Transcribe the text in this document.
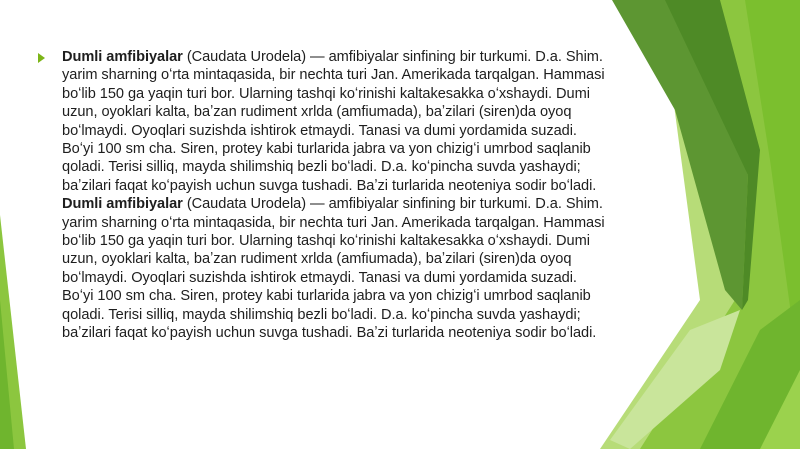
Dumli amfibiyalar (Caudata Urodela) — amfibiyalar sinfining bir turkumi. D.a. Shim. yarim sharning oʻrta mintaqasida, bir nechta turi Jan. Amerikada tarqalgan. Hammasi boʻlib 150 ga yaqin turi bor. Ularning tashqi koʻrinishi kaltakesakka oʻxshaydi. Dumi uzun, oyoklari kalta, baʼzan rudiment xrlda (amfiumada), baʼzilari (siren)da oyoq boʻlmaydi. Oyoqlari suzishda ishtirok etmaydi. Tanasi va dumi yordamida suzadi. Boʻyi 100 sm cha. Siren, protey kabi turlarida jabra va yon chizigʻi umrbod saqlanib qoladi. Terisi silliq, mayda shilimshiq bezli boʻladi. D.a. koʻpincha suvda yashaydi; baʼzilari faqat koʻpayish uchun suvga tushadi. Baʼzi turlarida neoteniya sodir boʻladi. Dumli amfibiyalar (Caudata Urodela) — amfibiyalar sinfining bir turkumi. D.a. Shim. yarim sharning oʻrta mintaqasida, bir nechta turi Jan. Amerikada tarqalgan. Hammasi boʻlib 150 ga yaqin turi bor. Ularning tashqi koʻrinishi kaltakesakka oʻxshaydi. Dumi uzun, oyoklari kalta, baʼzan rudiment xrlda (amfiumada), baʼzilari (siren)da oyoq boʻlmaydi. Oyoqlari suzishda ishtirok etmaydi. Tanasi va dumi yordamida suzadi. Boʻyi 100 sm cha. Siren, protey kabi turlarida jabra va yon chizigʻi umrbod saqlanib qoladi. Terisi silliq, mayda shilimshiq bezli boʻladi. D.a. koʻpincha suvda yashaydi; baʼzilari faqat koʻpayish uchun suvga tushadi. Baʼzi turlarida neoteniya sodir boʻladi.
